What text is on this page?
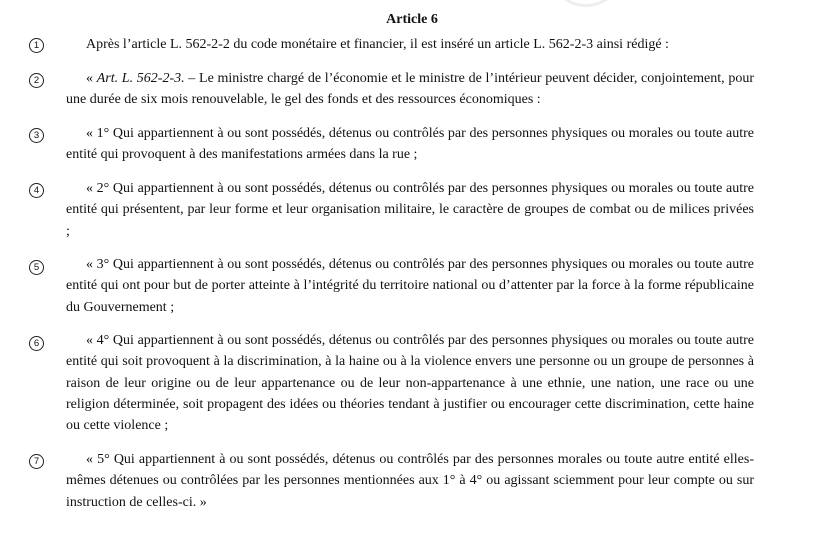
Article 6
1	Après l’article L. 562-2-2 du code monétaire et financier, il est inséré un article L. 562-2-3 ainsi rédigé :
2	« Art. L. 562-2-3. – Le ministre chargé de l’économie et le ministre de l’intérieur peuvent décider, conjointement, pour une durée de six mois renouvelable, le gel des fonds et des ressources économiques :
3	« 1° Qui appartiennent à ou sont possédés, détenus ou contrôlés par des personnes physiques ou morales ou toute autre entité qui provoquent à des manifestations armées dans la rue ;
4	« 2° Qui appartiennent à ou sont possédés, détenus ou contrôlés par des personnes physiques ou morales ou toute autre entité qui présentent, par leur forme et leur organisation militaire, le caractère de groupes de combat ou de milices privées ;
5	« 3° Qui appartiennent à ou sont possédés, détenus ou contrôlés par des personnes physiques ou morales ou toute autre entité qui ont pour but de porter atteinte à l’intégrité du territoire national ou d’attenter par la force à la forme républicaine du Gouvernement ;
6	« 4° Qui appartiennent à ou sont possédés, détenus ou contrôlés par des personnes physiques ou morales ou toute autre entité qui soit provoquent à la discrimination, à la haine ou à la violence envers une personne ou un groupe de personnes à raison de leur origine ou de leur appartenance ou de leur non-appartenance à une ethnie, une nation, une race ou une religion déterminée, soit propagent des idées ou théories tendant à justifier ou encourager cette discrimination, cette haine ou cette violence ;
7	« 5° Qui appartiennent à ou sont possédés, détenus ou contrôlés par des personnes morales ou toute autre entité elles-mêmes détenues ou contrôlées par les personnes mentionnées aux 1° à 4° ou agissant sciemment pour leur compte ou sur instruction de celles-ci. »
